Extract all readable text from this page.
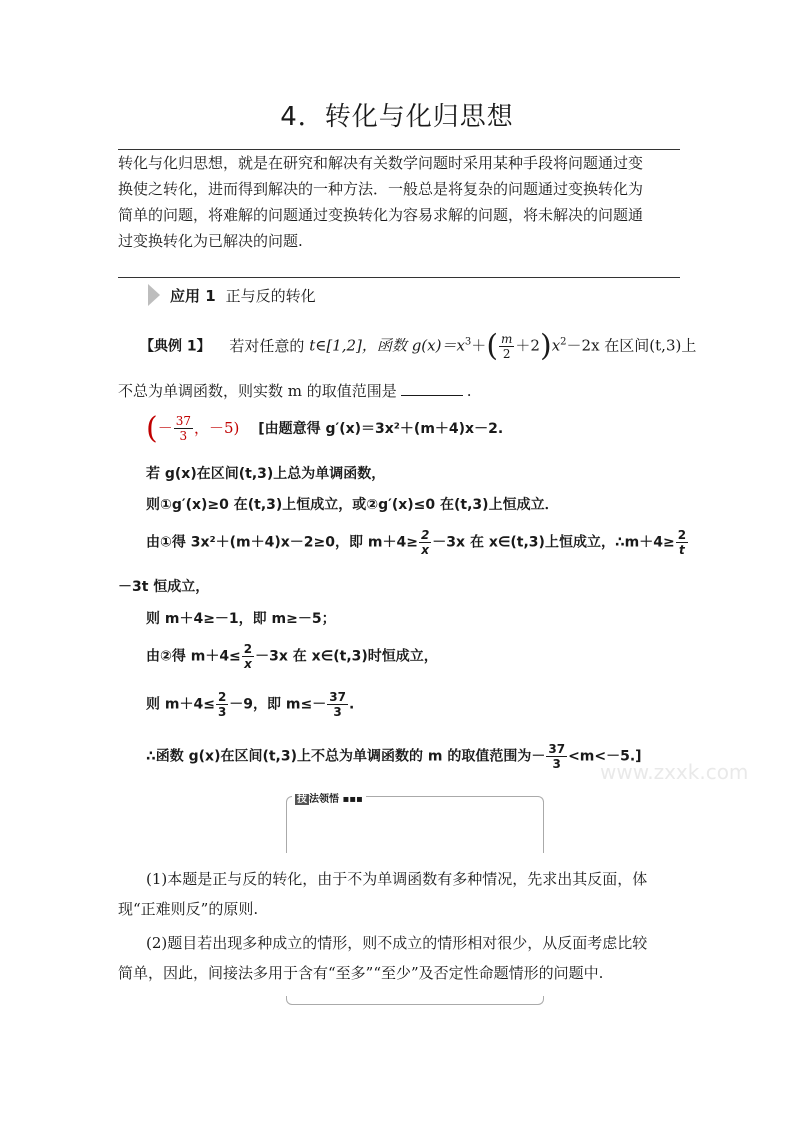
4．转化与化归思想
转化与化归思想，就是在研究和解决有关数学问题时采用某种手段将问题通过变
换使之转化，进而得到解决的一种方法．一般总是将复杂的问题通过变换转化为
简单的问题，将难解的问题通过变换转化为容易求解的问题，将未解决的问题通
过变换转化为已解决的问题.
应用 1 正与反的转化
【典例 1】 若对任意的 t∈[1,2]，函数 $g(x)=x^3+( \frac{m}{2} +2)x^2-2x$ 在区间(t,3)上
不总为单调函数，则实数 m 的取值范围是	.
(－ $\frac{37}{3}$ ，－5) [由题意得 g′(x)＝3x²＋(m＋4)x－2.
若 g(x)在区间(t,3)上总为单调函数，
则①g′(x)≥0 在(t,3)上恒成立，或②g′(x)≤0 在(t,3)上恒成立．
由①得 3x²＋(m＋4)x－2≥0，即 $m+4\ge \frac{2}{x} -3x$ 在 x∈(t,3)上恒成立，∴m＋4≥ $\frac{2}{t}$
－3t 恒成立，
则 m＋4≥－1，即 m≥－5；
由②得 $m+4\le \frac{2}{x} -3x$ 在 x∈(t,3)时恒成立，
则 $m+4\le \frac{2}{3} -9$，即 $m\le- \frac{37}{3}$ .
∴函数 g(x)在区间(t,3)上不总为单调函数的 m 的取值范围为－ $\frac{37}{3} <m<-5$.]
www.zxxk.com
技 法领悟 ▪▪▪
(1)本题是正与反的转化，由于不为单调函数有多种情况，先求出其反面，体
现“正难则反”的原则.
(2)题目若出现多种成立的情形，则不成立的情形相对很少，从反面考虑比较
简单，因此，间接法多用于含有“至多”“至少”及否定性命题情形的问题中.
